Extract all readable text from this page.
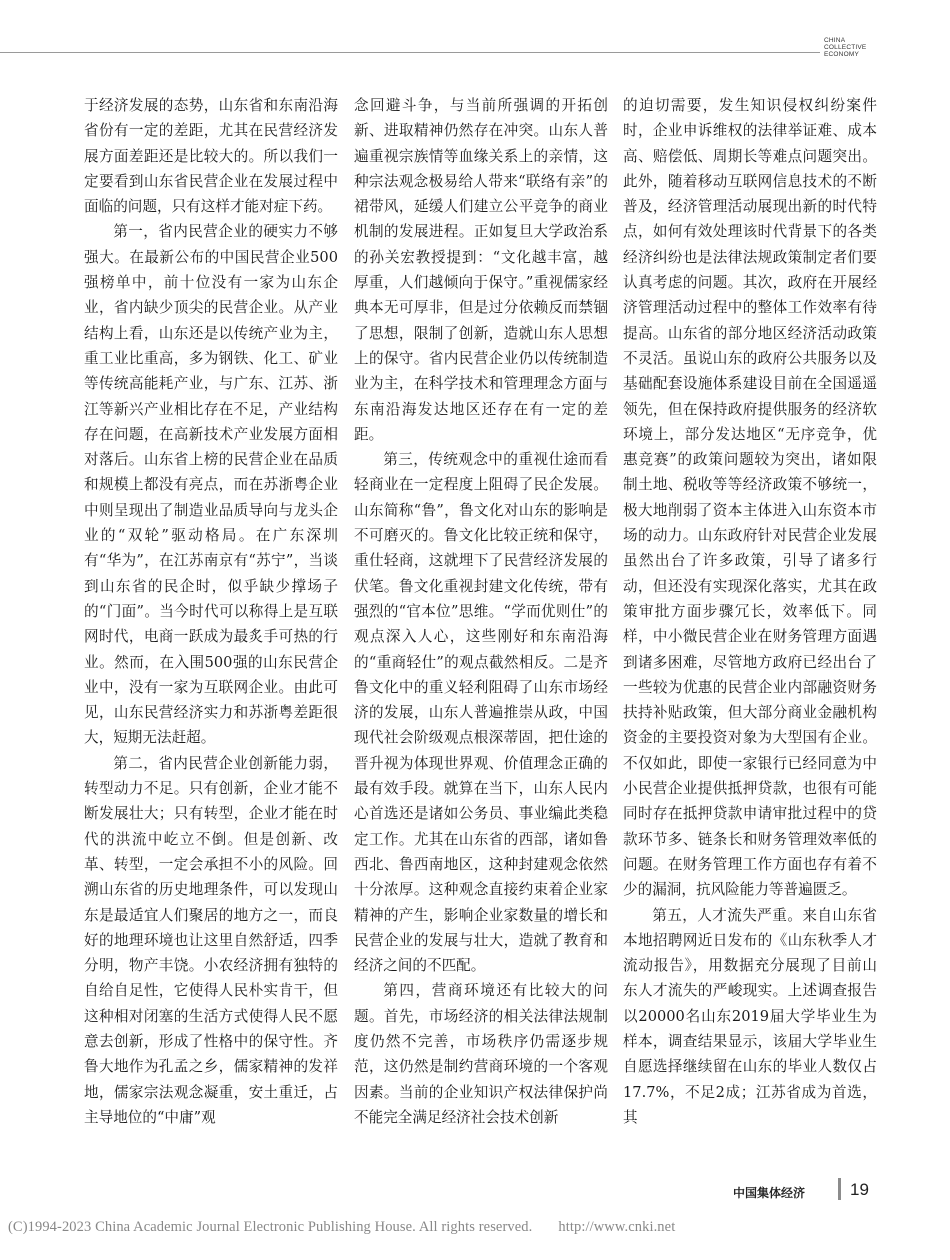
CHINA
COLLECTIVE
ECONOMY

于经济发展的态势，山东省和东南沿海省份有一定的差距，尤其在民营经济发展方面差距还是比较大的。所以我们一定要看到山东省民营企业在发展过程中面临的问题，只有这样才能对症下药。

第一，省内民营企业的硬实力不够强大。在最新公布的中国民营企业500强榜单中，前十位没有一家为山东企业，省内缺少顶尖的民营企业。从产业结构上看，山东还是以传统产业为主，重工业比重高，多为钢铁、化工、矿业等传统高能耗产业，与广东、江苏、浙江等新兴产业相比存在不足，产业结构存在问题，在高新技术产业发展方面相对落后。山东省上榜的民营企业在品质和规模上都没有亮点，而在苏浙粤企业中则呈现出了制造业品质导向与龙头企业的“双轮”驱动格局。在广东深圳有“华为”，在江苏南京有“苏宁”，当谈到山东省的民企时，似乎缺少撑场子的“门面”。当今时代可以称得上是互联网时代，电商一跃成为最炙手可热的行业。然而，在入围500强的山东民营企业中，没有一家为互联网企业。由此可见，山东民营经济实力和苏浙粤差距很大，短期无法赶超。

第二，省内民营企业创新能力弱，转型动力不足。只有创新，企业才能不断发展壮大；只有转型，企业才能在时代的洪流中屹立不倒。但是创新、改革、转型，一定会承担不小的风险。回溯山东省的历史地理条件，可以发现山东是最适宜人们聚居的地方之一，而良好的地理环境也让这里自然舒适，四季分明，物产丰饶。小农经济拥有独特的自给自足性，它使得人民朴实肯干，但这种相对闭塞的生活方式使得人民不愿意去创新，形成了性格中的保守性。齐鲁大地作为孔孟之乡，儒家精神的发祥地，儒家宗法观念凝重，安土重迁，占主导地位的“中庸”观

念回避斗争，与当前所强调的开拓创新、进取精神仍然存在冲突。山东人普遍重视宗族情等血缘关系上的亲情，这种宗法观念极易给人带来“联络有亲”的裙带风，延缓人们建立公平竞争的商业机制的发展进程。正如复旦大学政治系的孙关宏教授提到：“文化越丰富，越厚重，人们越倾向于保守。”重视儒家经典本无可厚非，但是过分依赖反而禁锢了思想，限制了创新，造就山东人思想上的保守。省内民营企业仍以传统制造业为主，在科学技术和管理理念方面与东南沿海发达地区还存在有一定的差距。

第三，传统观念中的重视仕途而看轻商业在一定程度上阻碍了民企发展。山东简称“鲁”，鲁文化对山东的影响是不可磨灭的。鲁文化比较正统和保守，重仕轻商，这就埋下了民营经济发展的伏笔。鲁文化重视封建文化传统，带有强烈的“官本位”思维。“学而优则仕”的观点深入人心，这些刚好和东南沿海的“重商轻仕”的观点截然相反。二是齐鲁文化中的重义轻利阻碍了山东市场经济的发展，山东人普遍推崇从政，中国现代社会阶级观点根深蒂固，把仕途的晋升视为体现世界观、价值理念正确的最有效手段。就算在当下，山东人民内心首选还是诸如公务员、事业编此类稳定工作。尤其在山东省的西部，诸如鲁西北、鲁西南地区，这种封建观念依然十分浓厚。这种观念直接约束着企业家精神的产生，影响企业家数量的增长和民营企业的发展与壮大，造就了教育和经济之间的不匹配。

第四，营商环境还有比较大的问题。首先，市场经济的相关法律法规制度仍然不完善，市场秩序仍需逐步规范，这仍然是制约营商环境的一个客观因素。当前的企业知识产权法律保护尚不能完全满足经济社会技术创新

的迫切需要，发生知识侵权纠纷案件时，企业申诉维权的法律举证难、成本高、赔偿低、周期长等难点问题突出。此外，随着移动互联网信息技术的不断普及，经济管理活动展现出新的时代特点，如何有效处理该时代背景下的各类经济纠纷也是法律法规政策制定者们要认真考虑的问题。其次，政府在开展经济管理活动过程中的整体工作效率有待提高。山东省的部分地区经济活动政策不灵活。虽说山东的政府公共服务以及基础配套设施体系建设目前在全国遥遥领先，但在保持政府提供服务的经济软环境上，部分发达地区“无序竞争，优惠竞赛”的政策问题较为突出，诸如限制土地、税收等等经济政策不够统一，极大地削弱了资本主体进入山东资本市场的动力。山东政府针对民营企业发展虽然出台了许多政策，引导了诸多行动，但还没有实现深化落实，尤其在政策审批方面步骤冗长，效率低下。同样，中小微民营企业在财务管理方面遇到诸多困难，尽管地方政府已经出台了一些较为优惠的民营企业内部融资财务扶持补贴政策，但大部分商业金融机构资金的主要投资对象为大型国有企业。不仅如此，即使一家银行已经同意为中小民营企业提供抵押贷款，也很有可能同时存在抵押贷款申请审批过程中的贷款环节多、链条长和财务管理效率低的问题。在财务管理工作方面也存有着不少的漏洞，抗风险能力等普遍匮乏。

第五，人才流失严重。来自山东省本地招聘网近日发布的《山东秋季人才流动报告》，用数据充分展现了目前山东人才流失的严峻现实。上述调查报告以20000名山东2019届大学毕业生为样本，调查结果显示，该届大学毕业生自愿选择继续留在山东的毕业人数仅占17.7%，不足2成；江苏省成为首选，其

中国集体经济	19
(C)1994-2023 China Academic Journal Electronic Publishing House. All rights reserved. http://www.cnki.net
